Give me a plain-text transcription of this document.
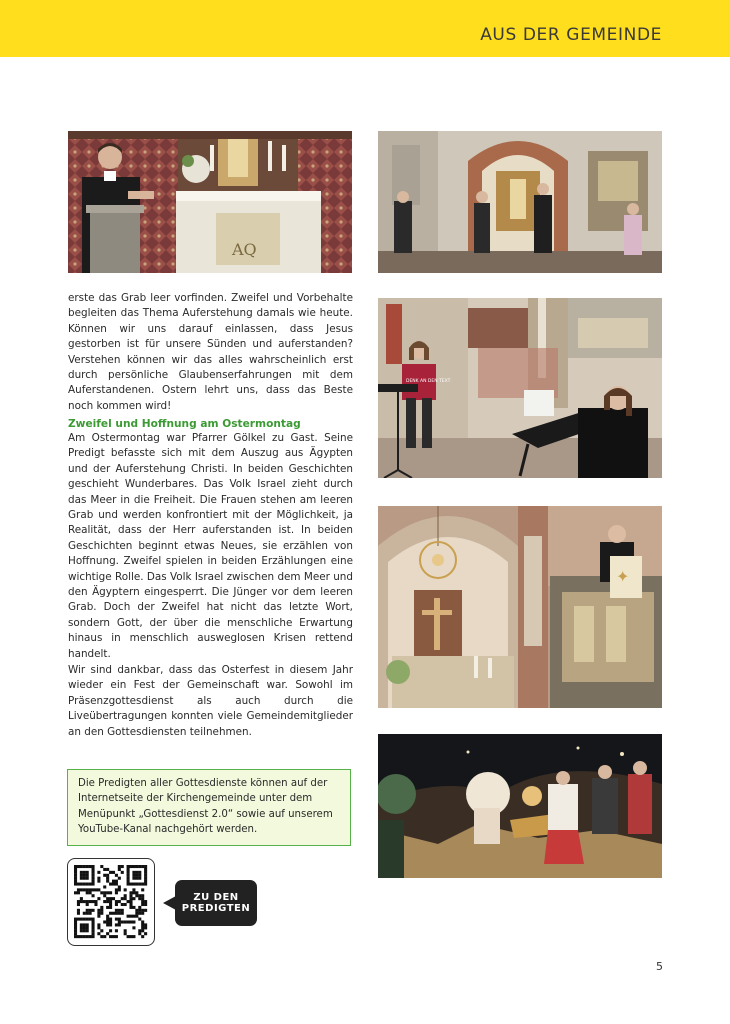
AUS DER GEMEINDE
AQ
DENK AN DEN TEXT
✦

erste das Grab leer vorfinden. Zweifel und Vorbehalte begleiten das Thema Auferstehung damals wie heute. Können wir uns darauf einlassen, dass Jesus gestorben ist für unsere Sünden und auferstanden? Verstehen können wir das alles wahrscheinlich erst durch persönliche Glaubenserfahrungen mit dem Auferstandenen. Ostern lehrt uns, dass das Beste noch kommen wird!

Zweifel und Hoffnung am Ostermontag

Am Ostermontag war Pfarrer Gölkel zu Gast. Seine Predigt befasste sich mit dem Auszug aus Ägypten und der Auferstehung Christi. In beiden Geschichten geschieht Wunderbares. Das Volk Israel zieht durch das Meer in die Freiheit. Die Frauen stehen am leeren Grab und werden konfrontiert mit der Möglichkeit, ja Realität, dass der Herr auferstanden ist. In beiden Geschichten beginnt etwas Neues, sie erzählen von Hoffnung. Zweifel spielen in beiden Erzählungen eine wichtige Rolle. Das Volk Israel zwischen dem Meer und den Ägyptern eingesperrt. Die Jünger vor dem leeren Grab. Doch der Zweifel hat nicht das letzte Wort, sondern Gott, der über die menschliche Erwartung hinaus in menschlich ausweglosen Krisen rettend handelt.

Wir sind dankbar, dass das Osterfest in diesem Jahr wieder ein Fest der Gemeinschaft war. Sowohl im Präsenzgottesdienst als auch durch die Liveübertragungen konnten viele Gemeindemitglieder an den Gottesdiensten teilnehmen.

Die Predigten aller Gottesdienste können auf der Internetseite der Kirchengemeinde unter dem Menüpunkt „Gottesdienst 2.0“ sowie auf unserem YouTube-Kanal nachgehört werden.
ZU DEN
PREDIGTEN
5
